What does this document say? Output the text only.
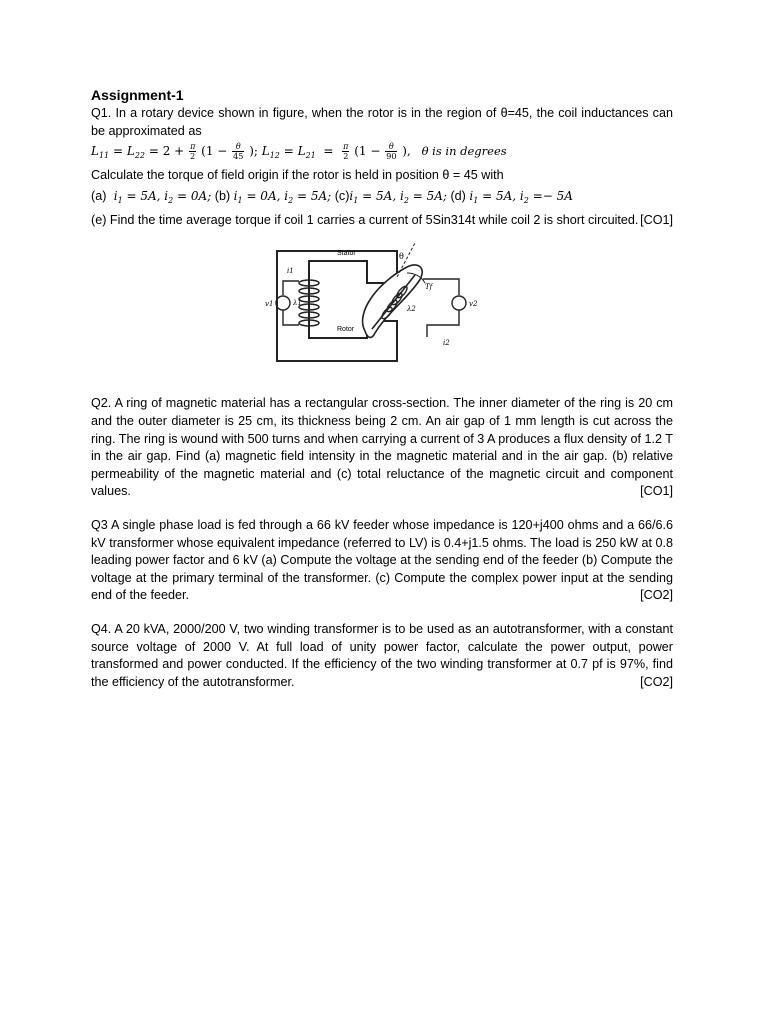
Assignment-1

Q1. In a rotary device shown in figure, when the rotor is in the region of θ=45, the coil inductances can be approximated as

$L_{11} = L_{22} = 2 + \frac{\pi}{2} (1 - \frac{\theta}{45}$ ); $L_{12} = L_{21} = \frac{\pi}{2} (1 - \frac{\theta}{90}$ ), θ is in degrees

Calculate the torque of field origin if the rotor is held in position θ = 45 with

(a)  $i_1 = 5A$, $i_2 = 0A$; (b) $i_1 = 0A$, $i_2 = 5A$; $(c)i_1 = 5A$, $i_2 = 5A$; (d) $i_1 = 5A$, $i_2 =- 5A$

(e) Find the time average torque if coil 1 carries a current of 5Sin314t while coil 2 is short circuited. [CO1]

Stator
Rotor
θ
i1
i2
v1	v2
λ1
λ2
Tf

Q2. A ring of magnetic material has a rectangular cross-section. The inner diameter of the ring is 20 cm and the outer diameter is 25 cm, its thickness being 2 cm. An air gap of 1 mm length is cut across the ring. The ring is wound with 500 turns and when carrying a current of 3 A produces a flux density of 1.2 T in the air gap. Find (a) magnetic field intensity in the magnetic material and in the air gap. (b) relative permeability of the magnetic material and (c) total reluctance of the magnetic circuit and component values.	[CO1]

Q3 A single phase load is fed through a 66 kV feeder whose impedance is 120+j400 ohms and a 66/6.6 kV transformer whose equivalent impedance (referred to LV) is 0.4+j1.5 ohms. The load is 250 kW at 0.8 leading power factor and 6 kV (a) Compute the voltage at the sending end of the feeder (b) Compute the voltage at the primary terminal of the transformer. (c) Compute the complex power input at the sending end of the feeder.	[CO2]

Q4. A 20 kVA, 2000/200 V, two winding transformer is to be used as an autotransformer, with a constant source voltage of 2000 V. At full load of unity power factor, calculate the power output, power transformed and power conducted. If the efficiency of the two winding transformer at 0.7 pf is 97%, find the efficiency of the autotransformer.	[CO2]
